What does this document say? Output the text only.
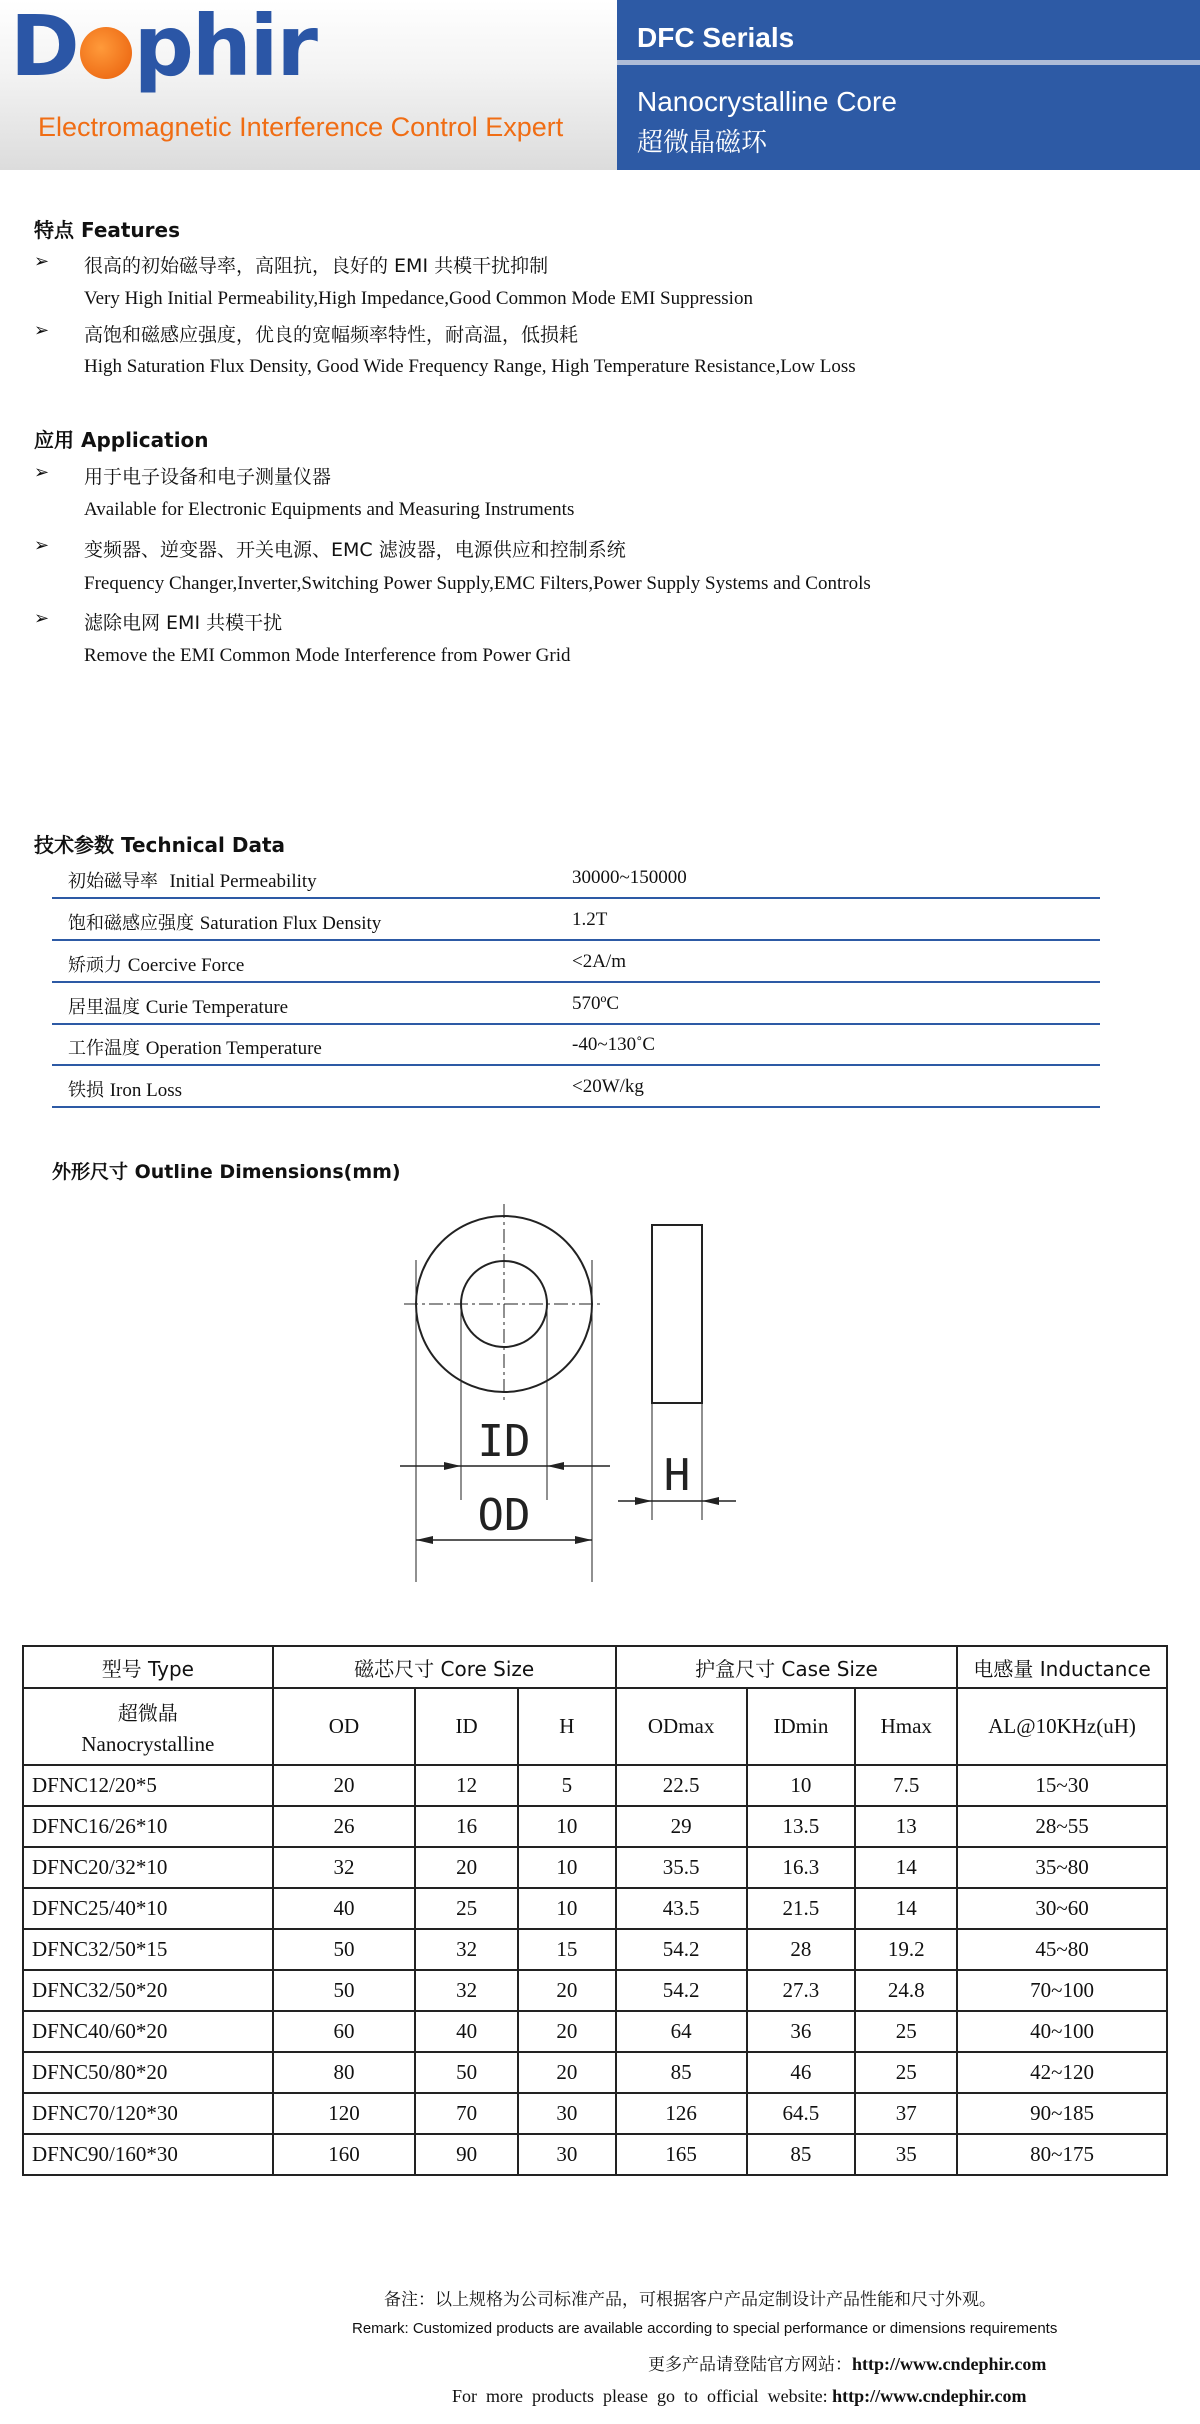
D phir
Electromagnetic Interference Control Expert
DFC Serials
Nanocrystalline Core
超微晶磁环
特点 Features
➢ 很高的初始磁导率，高阻抗，良好的 EMI 共模干扰抑制
Very High Initial Permeability,High Impedance,Good Common Mode EMI Suppression
➢ 高饱和磁感应强度，优良的宽幅频率特性，耐高温，低损耗
High Saturation Flux Density, Good Wide Frequency Range, High Temperature Resistance,Low Loss
应用 Application
➢ 用于电子设备和电子测量仪器
Available for Electronic Equipments and Measuring Instruments
➢ 变频器、逆变器、开关电源、EMC 滤波器，电源供应和控制系统
Frequency Changer,Inverter,Switching Power Supply,EMC Filters,Power Supply Systems and Controls
➢ 滤除电网 EMI 共模干扰
Remove the EMI Common Mode Interference from Power Grid
技术参数 Technical Data
初始磁导率 Initial Permeability	30000~150000
饱和磁感应强度 Saturation Flux Density	1.2T
矫顽力 Coercive Force	<2A/m
居里温度 Curie Temperature	570ºC
工作温度 Operation Temperature	-40~130˚C
铁损 Iron Loss	<20W/kg
外形尺寸 Outline Dimensions(mm)
ID
OD
H
型号 Type	磁芯尺寸 Core Size			护盒尺寸 Case Size			电感量 Inductance

超微晶
Nanocrystalline	OD	ID	H	ODmax	IDmin	Hmax	AL@10KHz(uH)
DFNC12/20*5	20	12	5	22.5	10	7.5	15~30
DFNC16/26*10	26	16	10	29	13.5	13	28~55
DFNC20/32*10	32	20	10	35.5	16.3	14	35~80
DFNC25/40*10	40	25	10	43.5	21.5	14	30~60
DFNC32/50*15	50	32	15	54.2	28	19.2	45~80
DFNC32/50*20	50	32	20	54.2	27.3	24.8	70~100
DFNC40/60*20	60	40	20	64	36	25	40~100
DFNC50/80*20	80	50	20	85	46	25	42~120
DFNC70/120*30	120	70	30	126	64.5	37	90~185
DFNC90/160*30	160	90	30	165	85	35	80~175
备注：以上规格为公司标准产品，可根据客户产品定制设计产品性能和尺寸外观。
Remark: Customized products are available according to special performance or dimensions requirements
更多产品请登陆官方网站：http://www.cndephir.com
For  more  products  please  go  to  official  website: http://www.cndephir.com
